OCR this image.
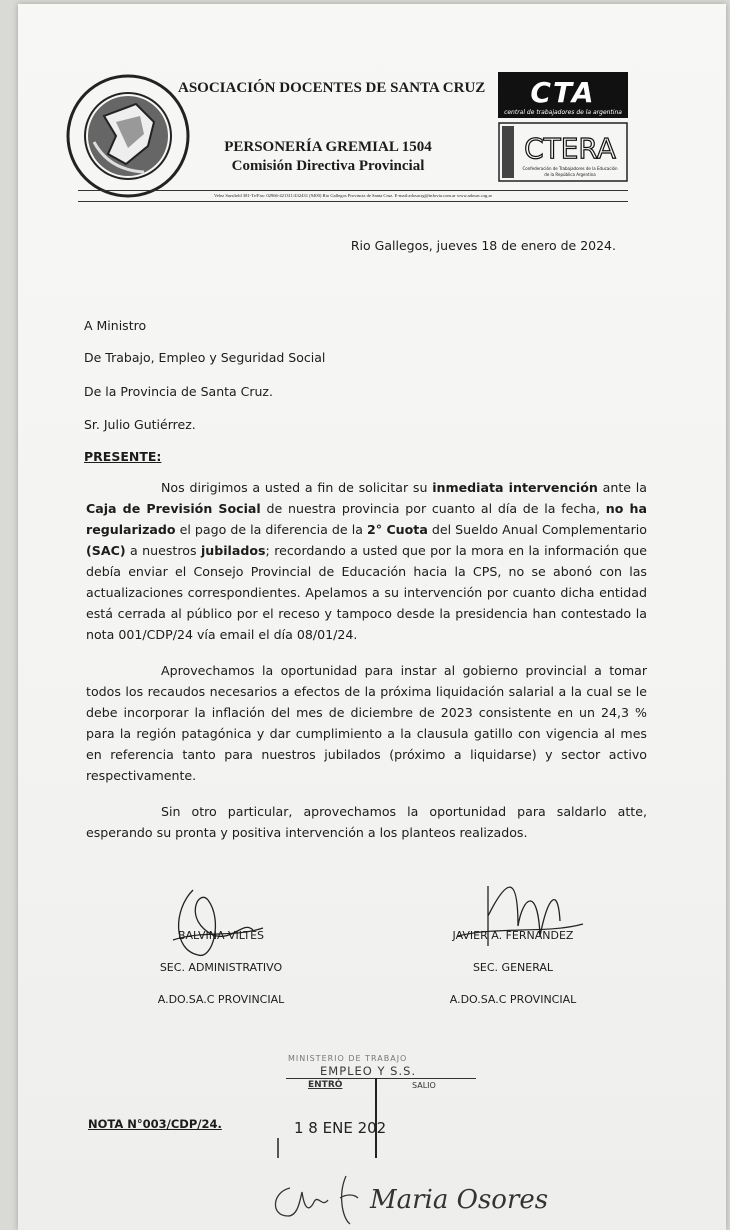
ASOCIACIÓN DOCENTES DE SANTA CRUZ
PERSONERÍA GREMIAL 1504
Comisión Directiva Provincial
CTA
central de trabajadores de la argentina
CTERA
Confederación de Trabajadores de la Educación
de la República Argentina
Velez Sarsfield 381-Te/Fax: 02966-421311/432431 (9400) Rio Gallegos Provincia de Santa Cruz. E-mail:adosacrg@infovia.com.ar www.adosac.org.ar
Rio Gallegos, jueves 18 de enero de 2024.
A Ministro
De Trabajo, Empleo y Seguridad Social
De la Provincia de Santa Cruz.
Sr. Julio Gutiérrez.
PRESENTE:
Nos dirigimos a usted a fin de solicitar su inmediata intervención ante la Caja de Previsión Social de nuestra provincia por cuanto al día de la fecha, no ha regularizado el pago de la diferencia de la 2° Cuota del Sueldo Anual Complementario (SAC) a nuestros jubilados; recordando a usted que por la mora en la información que debía enviar el Consejo Provincial de Educación hacia la CPS, no se abonó con las actualizaciones correspondientes. Apelamos a su intervención por cuanto dicha entidad está cerrada al público por el receso y tampoco desde la presidencia han contestado la nota 001/CDP/24 vía email el día 08/01/24.
Aprovechamos la oportunidad para instar al gobierno provincial a tomar todos los recaudos necesarios a efectos de la próxima liquidación salarial a la cual se le debe incorporar la inflación del mes de diciembre de 2023 consistente en un 24,3 % para la región patagónica y dar cumplimiento a la clausula gatillo con vigencia al mes en referencia tanto para nuestros jubilados (próximo a liquidarse) y sector activo respectivamente.
Sin otro particular, aprovechamos la oportunidad para saldarlo atte, esperando su pronta y positiva intervención a los planteos realizados.
BALVINA VILTES
SEC. ADMINISTRATIVO
A.DO.SA.C PROVINCIAL
JAVIER A. FERNANDEZ
SEC. GENERAL
A.DO.SA.C PROVINCIAL
MINISTERIO DE TRABAJO
EMPLEO Y S.S.
ENTRÓ	SALIO
1 8 ENE 202
NOTA N°003/CDP/24.
Maria Osores
